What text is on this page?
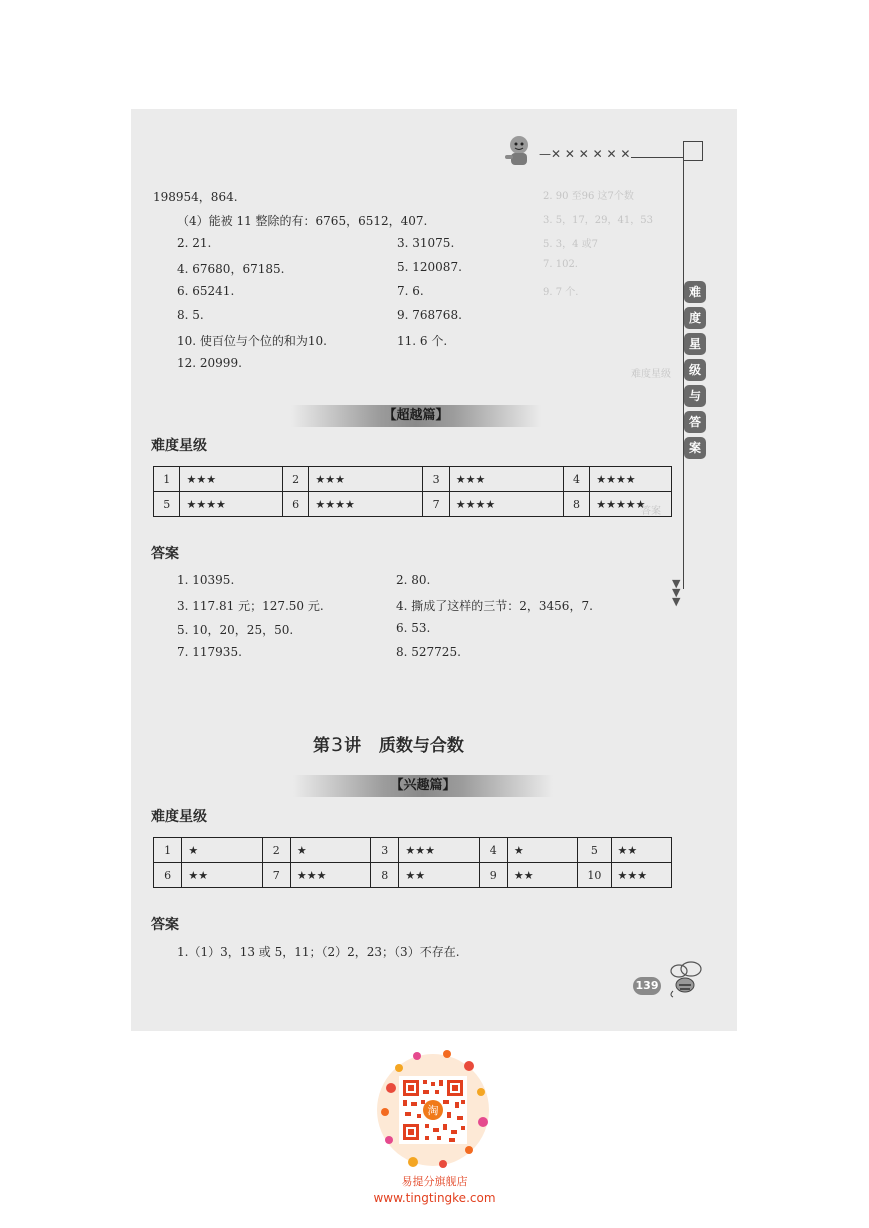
2. 90 至96 这7个数
3. 5，17，29，41，53
5. 3，4 或7
7. 102.
9. 7 个.
难度星级
答案
—✕ ✕ ✕ ✕ ✕ ✕
难
度
星
级
与
答
案
▼▼▼
198954，864.
（4）能被 11 整除的有：6765，6512，407.
2. 21.
4. 67680，67185.
6. 65241.
8. 5.
10. 使百位与个位的和为10.
12. 20999.
3. 31075.
5. 120087.
7. 6.
9. 768768.
11. 6 个.
【超越篇】
难度星级
1	★★★	2	★★★	3	★★★	4	★★★★
5	★★★★	6	★★★★	7	★★★★	8	★★★★★
答案
1. 10395.
3. 117.81 元；127.50 元.
5. 10，20，25，50.
7. 117935.
2. 80.
4. 撕成了这样的三节：2，3456，7.
6. 53.
8. 527725.
第3讲 质数与合数
【兴趣篇】
难度星级
1	★	2	★	3	★★★	4	★	5	★★
6	★★	7	★★★	8	★★	9	★★	10	★★★
答案
1.（1）3，13 或 5，11；（2）2，23；（3）不存在.
139
淘
易提分旗舰店
www.tingtingke.com
